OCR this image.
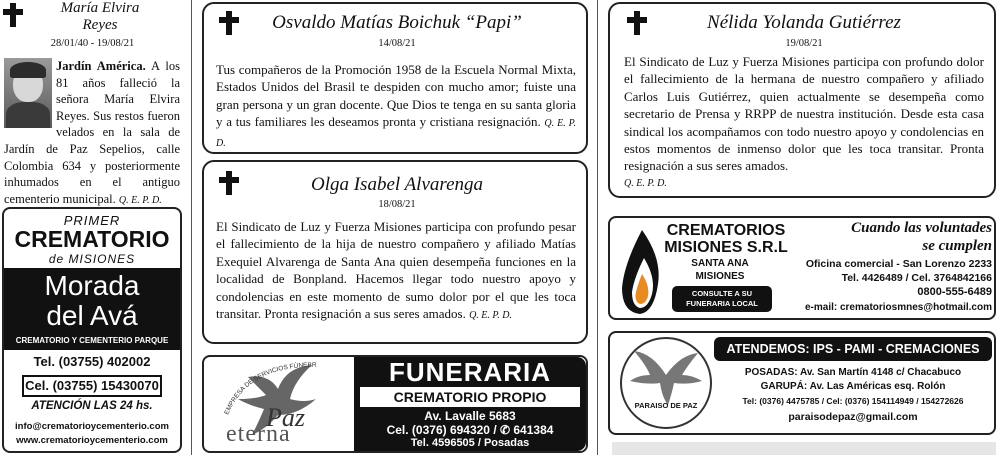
María Elvira
Reyes
28/01/40 - 19/08/21
Jardín América. A los 81 años falleció la señora María Elvira Reyes. Sus restos fueron velados en la sala de Jardín de Paz Sepelios, calle Colombia 634 y posteriormente inhumados en el antiguo cementerio municipal. Q. E. P. D.
PRIMER
CREMATORIO
de MISIONES
Morada
del Avá
CREMATORIO Y CEMENTERIO PARQUE
Tel. (03755) 402002
Cel. (03755) 15430070
ATENCIÓN LAS 24 hs.
info@crematorioycementerio.com
www.crematorioycementerio.com
Osvaldo Matías Boichuk “Papi”
14/08/21
Tus compañeros de la Promoción 1958 de la Escuela Normal Mixta, Estados Unidos del Brasil te despiden con mucho amor; fuiste una gran persona y un gran docente. Que Dios te tenga en su santa gloria y a tus familiares les deseamos pronta y cristiana resignación. Q. E. P. D.
Olga Isabel Alvarenga
18/08/21
El Sindicato de Luz y Fuerza Misiones participa con profundo pesar el fallecimiento de la hija de nuestro compañero y afiliado Matías Exequiel Alvarenga de Santa Ana quien desempeña funciones en la localidad de Bonpland. Hacemos llegar todo nuestro apoyo y condolencias en este momento de sumo dolor por el que les toca transitar. Pronta resignación a sus seres amados. Q. E. P. D.
EMPRESA DE SERVICIOS FÚNEBR
Paz
eterna
FUNERARIA
CREMATORIO PROPIO
Av. Lavalle 5683
Cel. (0376) 694320 / ✆ 641384
Tel. 4596505 / Posadas
Nélida Yolanda Gutiérrez
19/08/21
El Sindicato de Luz y Fuerza Misiones participa con profundo dolor el fallecimiento de la hermana de nuestro compañero y afiliado Carlos Luis Gutiérrez, quien actualmente se desempeña como secretario de Prensa y RRPP de nuestra institución. Desde esta casa sindical los acompañamos con todo nuestro apoyo y condolencias en estos momentos de inmenso dolor que les toca transitar. Pronta resignación a sus seres amados.
Q. E. P. D.
CREMATORIOS
MISIONES S.R.L
SANTA ANA
MISIONES
CONSULTE A SU
FUNERARIA LOCAL
Cuando las voluntades
se cumplen
Oficina comercial - San Lorenzo 2233
Tel. 4426489 / Cel. 3764842166
0800-555-6489
e-mail: crematoriosmnes@hotmail.com
PARAISO DE PAZ
ATENDEMOS: IPS - PAMI - CREMACIONES
POSADAS: Av. San Martín 4148 c/ Chacabuco
GARUPÁ: Av. Las Américas esq. Rolón
Tel: (0376) 4475785 / Cel: (0376) 154114949 / 154272626
paraisodepaz@gmail.com
